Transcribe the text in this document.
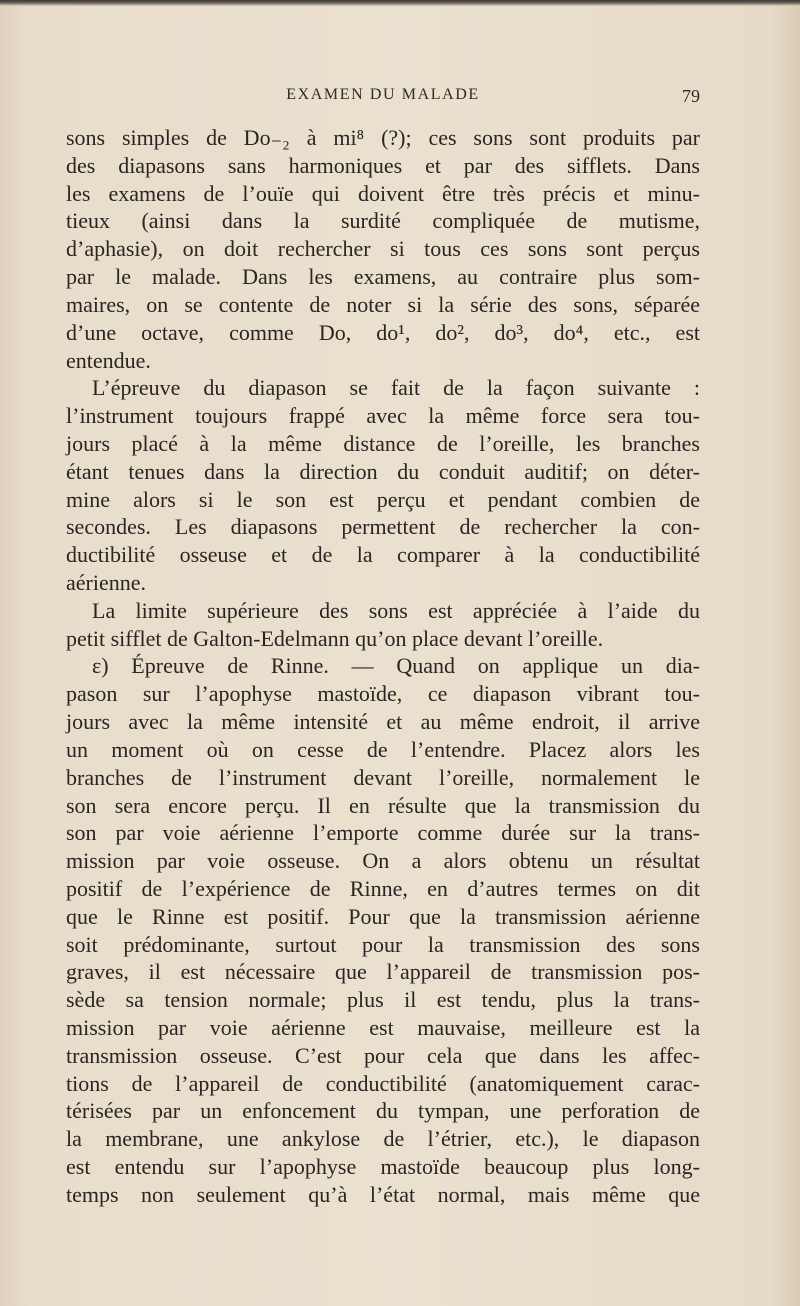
EXAMEN DU MALADE	79
sons simples de Do₋₂ à mi⁸ (?); ces sons sont produits par
des diapasons sans harmoniques et par des sifflets. Dans
les examens de l’ouïe qui doivent être très précis et minu-
tieux (ainsi dans la surdité compliquée de mutisme,
d’aphasie), on doit rechercher si tous ces sons sont perçus
par le malade. Dans les examens, au contraire plus som-
maires, on se contente de noter si la série des sons, séparée
d’une octave, comme Do, do¹, do², do³, do⁴, etc., est
entendue.
L’épreuve du diapason se fait de la façon suivante :
l’instrument toujours frappé avec la même force sera tou-
jours placé à la même distance de l’oreille, les branches
étant tenues dans la direction du conduit auditif; on déter-
mine alors si le son est perçu et pendant combien de
secondes. Les diapasons permettent de rechercher la con-
ductibilité osseuse et de la comparer à la conductibilité
aérienne.
La limite supérieure des sons est appréciée à l’aide du
petit sifflet de Galton-Edelmann qu’on place devant l’oreille.
ε) Épreuve de Rinne. — Quand on applique un dia-
pason sur l’apophyse mastoïde, ce diapason vibrant tou-
jours avec la même intensité et au même endroit, il arrive
un moment où on cesse de l’entendre. Placez alors les
branches de l’instrument devant l’oreille, normalement le
son sera encore perçu. Il en résulte que la transmission du
son par voie aérienne l’emporte comme durée sur la trans-
mission par voie osseuse. On a alors obtenu un résultat
positif de l’expérience de Rinne, en d’autres termes on dit
que le Rinne est positif. Pour que la transmission aérienne
soit prédominante, surtout pour la transmission des sons
graves, il est nécessaire que l’appareil de transmission pos-
sède sa tension normale; plus il est tendu, plus la trans-
mission par voie aérienne est mauvaise, meilleure est la
transmission osseuse. C’est pour cela que dans les affec-
tions de l’appareil de conductibilité (anatomiquement carac-
térisées par un enfoncement du tympan, une perforation de
la membrane, une ankylose de l’étrier, etc.), le diapason
est entendu sur l’apophyse mastoïde beaucoup plus long-
temps non seulement qu’à l’état normal, mais même que
